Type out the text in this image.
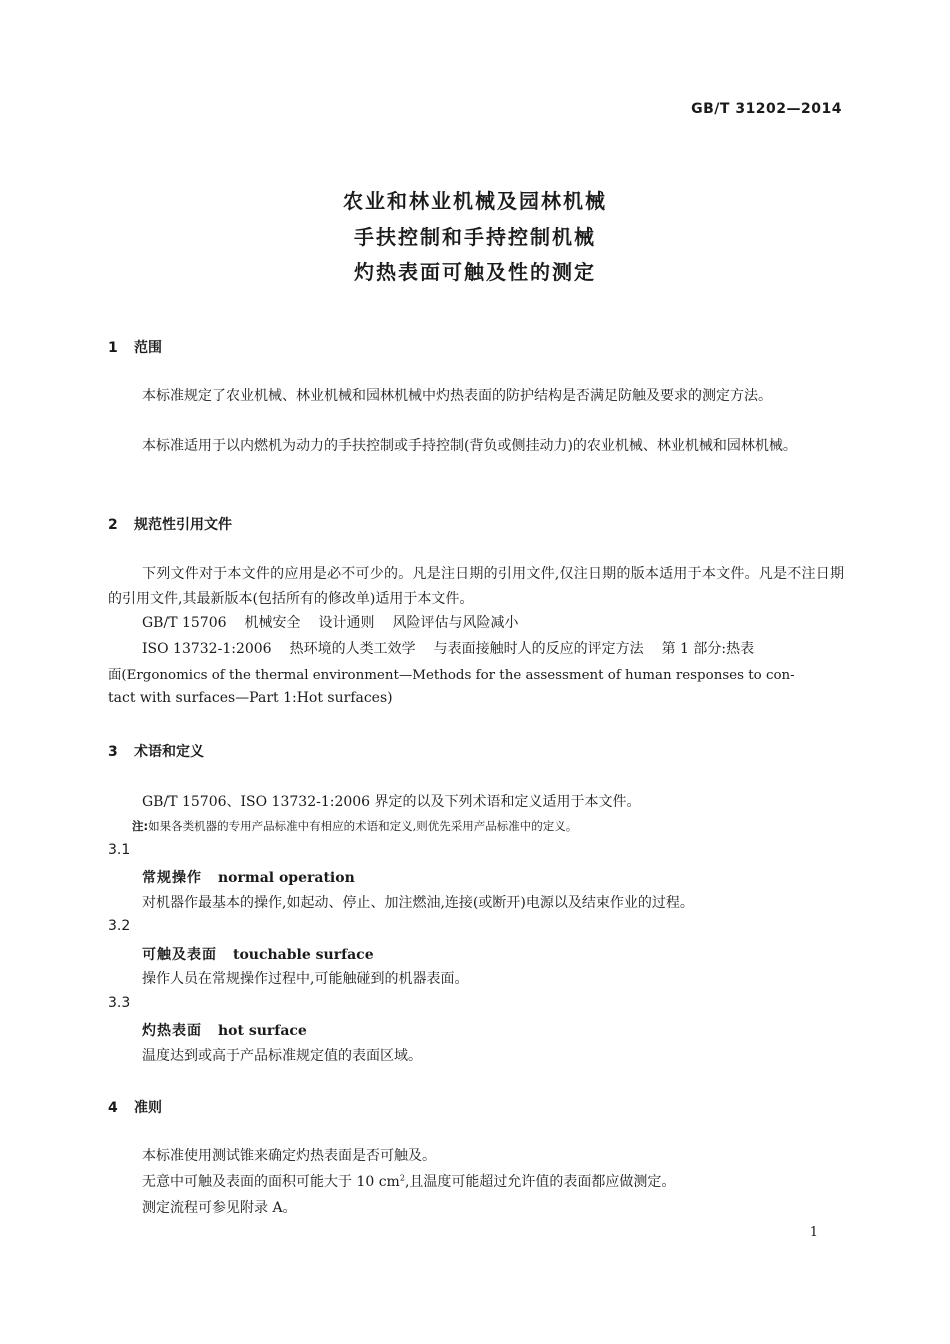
GB/T 31202—2014
农业和林业机械及园林机械
手扶控制和手持控制机械
灼热表面可触及性的测定
1 范围
本标准规定了农业机械、林业机械和园林机械中灼热表面的防护结构是否满足防触及要求的测定方法。
本标准适用于以内燃机为动力的手扶控制或手持控制(背负或侧挂动力)的农业机械、林业机械和园林机械。
2 规范性引用文件
下列文件对于本文件的应用是必不可少的。凡是注日期的引用文件,仅注日期的版本适用于本文件。凡是不注日期的引用文件,其最新版本(包括所有的修改单)适用于本文件。
GB/T 15706 机械安全 设计通则 风险评估与风险减小
ISO 13732-1:2006 热环境的人类工效学 与表面接触时人的反应的评定方法 第 1 部分:热表
面(Ergonomics of the thermal environment—Methods for the assessment of human responses to con-
tact with surfaces—Part 1:Hot surfaces)
3 术语和定义
GB/T 15706、ISO 13732-1:2006 界定的以及下列术语和定义适用于本文件。
注:如果各类机器的专用产品标准中有相应的术语和定义,则优先采用产品标准中的定义。
3.1
常规操作 normal operation
对机器作最基本的操作,如起动、停止、加注燃油,连接(或断开)电源以及结束作业的过程。
3.2
可触及表面 touchable surface
操作人员在常规操作过程中,可能触碰到的机器表面。
3.3
灼热表面 hot surface
温度达到或高于产品标准规定值的表面区域。
4 准则
本标准使用测试锥来确定灼热表面是否可触及。
无意中可触及表面的面积可能大于 10 $cm^2$,且温度可能超过允许值的表面都应做测定。
测定流程可参见附录 A。
1
